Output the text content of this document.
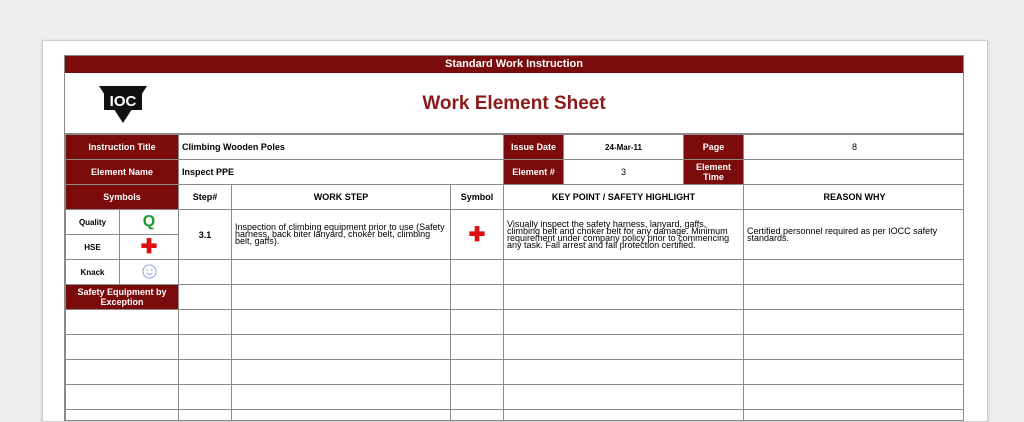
Standard Work Instruction
IOC	Work Element Sheet
Instruction Title		Climbing Wooden Poles			Issue Date	24-Mar-11	Page	8
Element Name		Inspect PPE			Element #	3	Element Time	
Symbols		Step#	WORK STEP	Symbol	KEY POINT / SAFETY HIGHLIGHT			REASON WHY
Quality	Q	3.1	Inspection of climbing equipment prior to use (Safety harness, back biter lanyard, choker belt, climbing belt, gaffs).	✚	Visually inspect the safety harness, lanyard, gaffs, climbing belt and choker belt for any damage. Minimum requirement under company policy prior to commencing any task. Fall arrest and fall protection certified.			Certified personnel required as per IOCC safety standards.
HSE	✚							
Knack						
Safety Equipment by Exception								
